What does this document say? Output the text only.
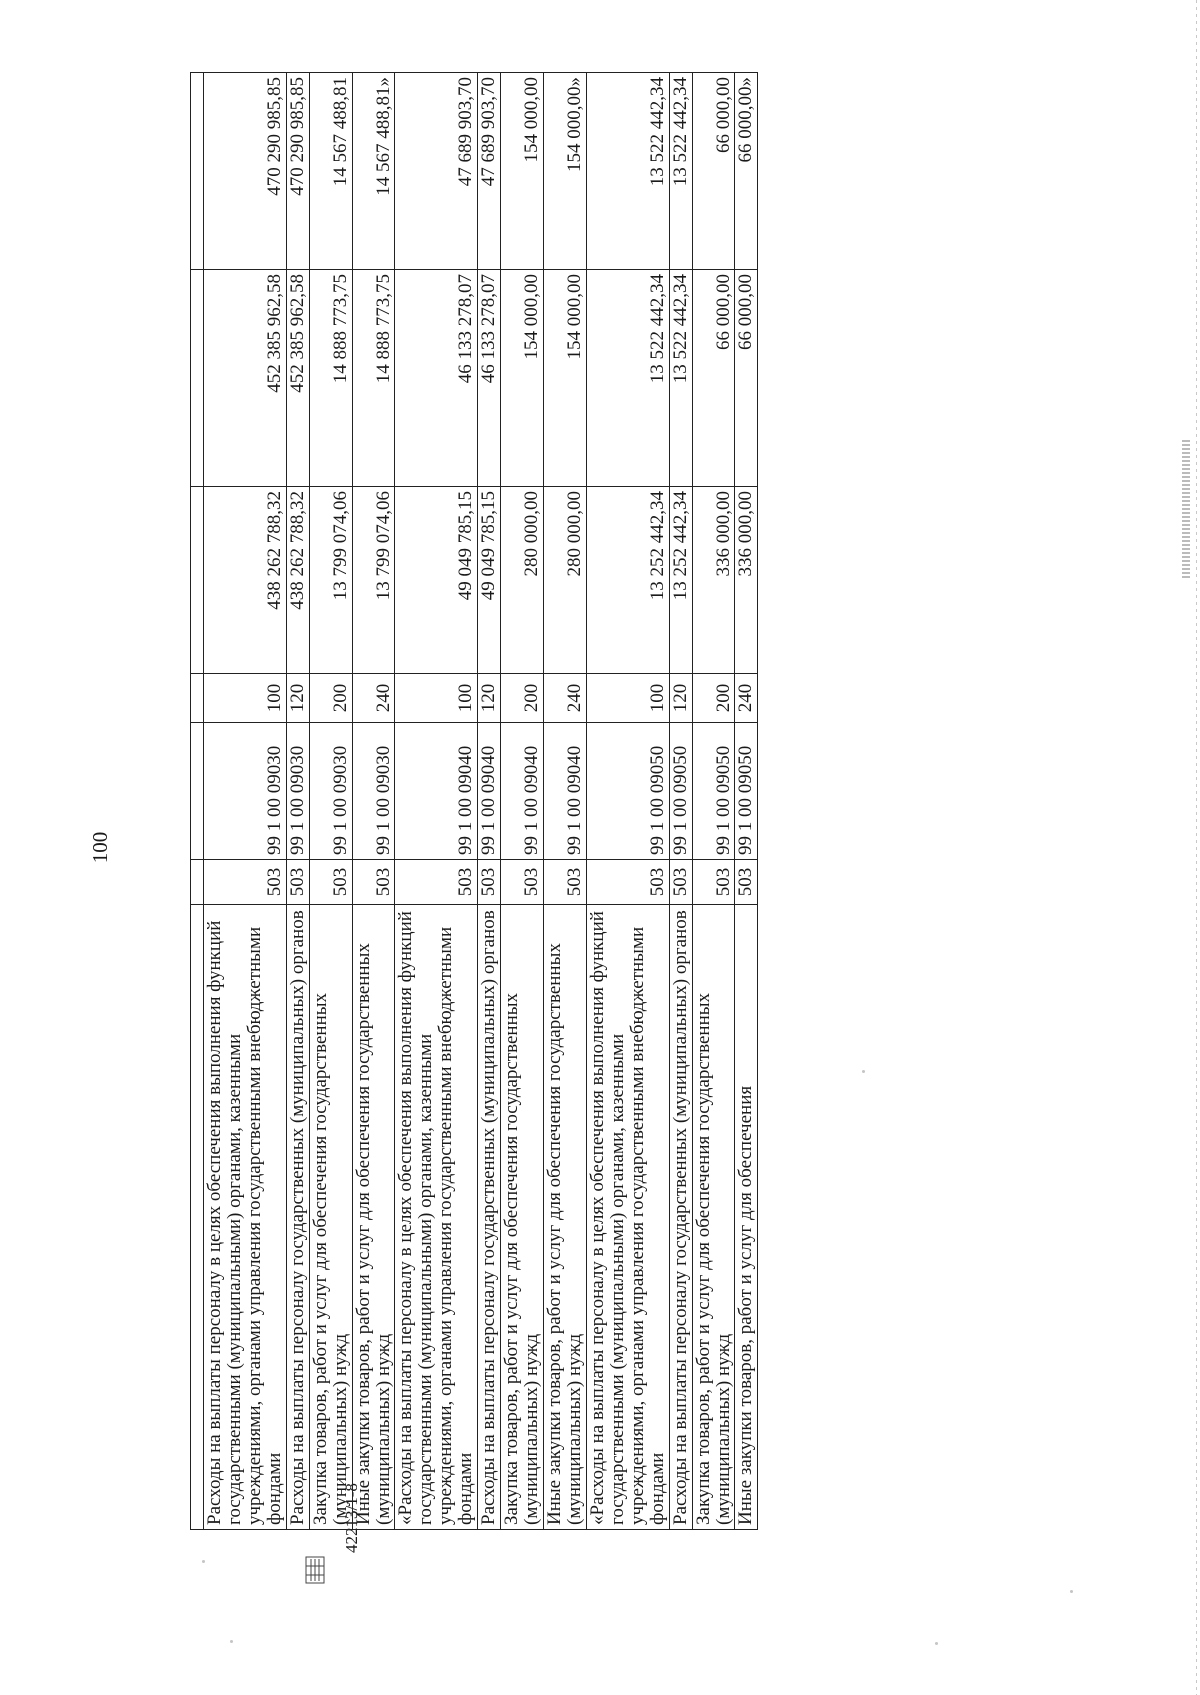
100
42213/1-8

Расходы на выплаты персоналу в целях обеспечения выполнения функций государственными (муниципальными) органами, казенными учреждениями, органами управления государственными внебюджетными фондами	503	99 1 00 09030	100	438 262 788,32	452 385 962,58	470 290 985,85
Расходы на выплаты персоналу государственных (муниципальных) органов	503	99 1 00 09030	120	438 262 788,32	452 385 962,58	470 290 985,85
Закупка товаров, работ и услуг для обеспечения государственных (муниципальных) нужд	503	99 1 00 09030	200	13 799 074,06	14 888 773,75	14 567 488,81
Иные закупки товаров, работ и услуг для обеспечения государственных (муниципальных) нужд	503	99 1 00 09030	240	13 799 074,06	14 888 773,75	14 567 488,81»
«Расходы на выплаты персоналу в целях обеспечения выполнения функций государственными (муниципальными) органами, казенными учреждениями, органами управления государственными внебюджетными фондами	503	99 1 00 09040	100	49 049 785,15	46 133 278,07	47 689 903,70
Расходы на выплаты персоналу государственных (муниципальных) органов	503	99 1 00 09040	120	49 049 785,15	46 133 278,07	47 689 903,70
Закупка товаров, работ и услуг для обеспечения государственных (муниципальных) нужд	503	99 1 00 09040	200	280 000,00	154 000,00	154 000,00
Иные закупки товаров, работ и услуг для обеспечения государственных (муниципальных) нужд	503	99 1 00 09040	240	280 000,00	154 000,00	154 000,00»
«Расходы на выплаты персоналу в целях обеспечения выполнения функций государственными (муниципальными) органами, казенными учреждениями, органами управления государственными внебюджетными фондами	503	99 1 00 09050	100	13 252 442,34	13 522 442,34	13 522 442,34
Расходы на выплаты персоналу государственных (муниципальных) органов	503	99 1 00 09050	120	13 252 442,34	13 522 442,34	13 522 442,34
Закупка товаров, работ и услуг для обеспечения государственных (муниципальных) нужд	503	99 1 00 09050	200	336 000,00	66 000,00	66 000,00
Иные закупки товаров, работ и услуг для обеспечения	503	99 1 00 09050	240	336 000,00	66 000,00	66 000,00»
